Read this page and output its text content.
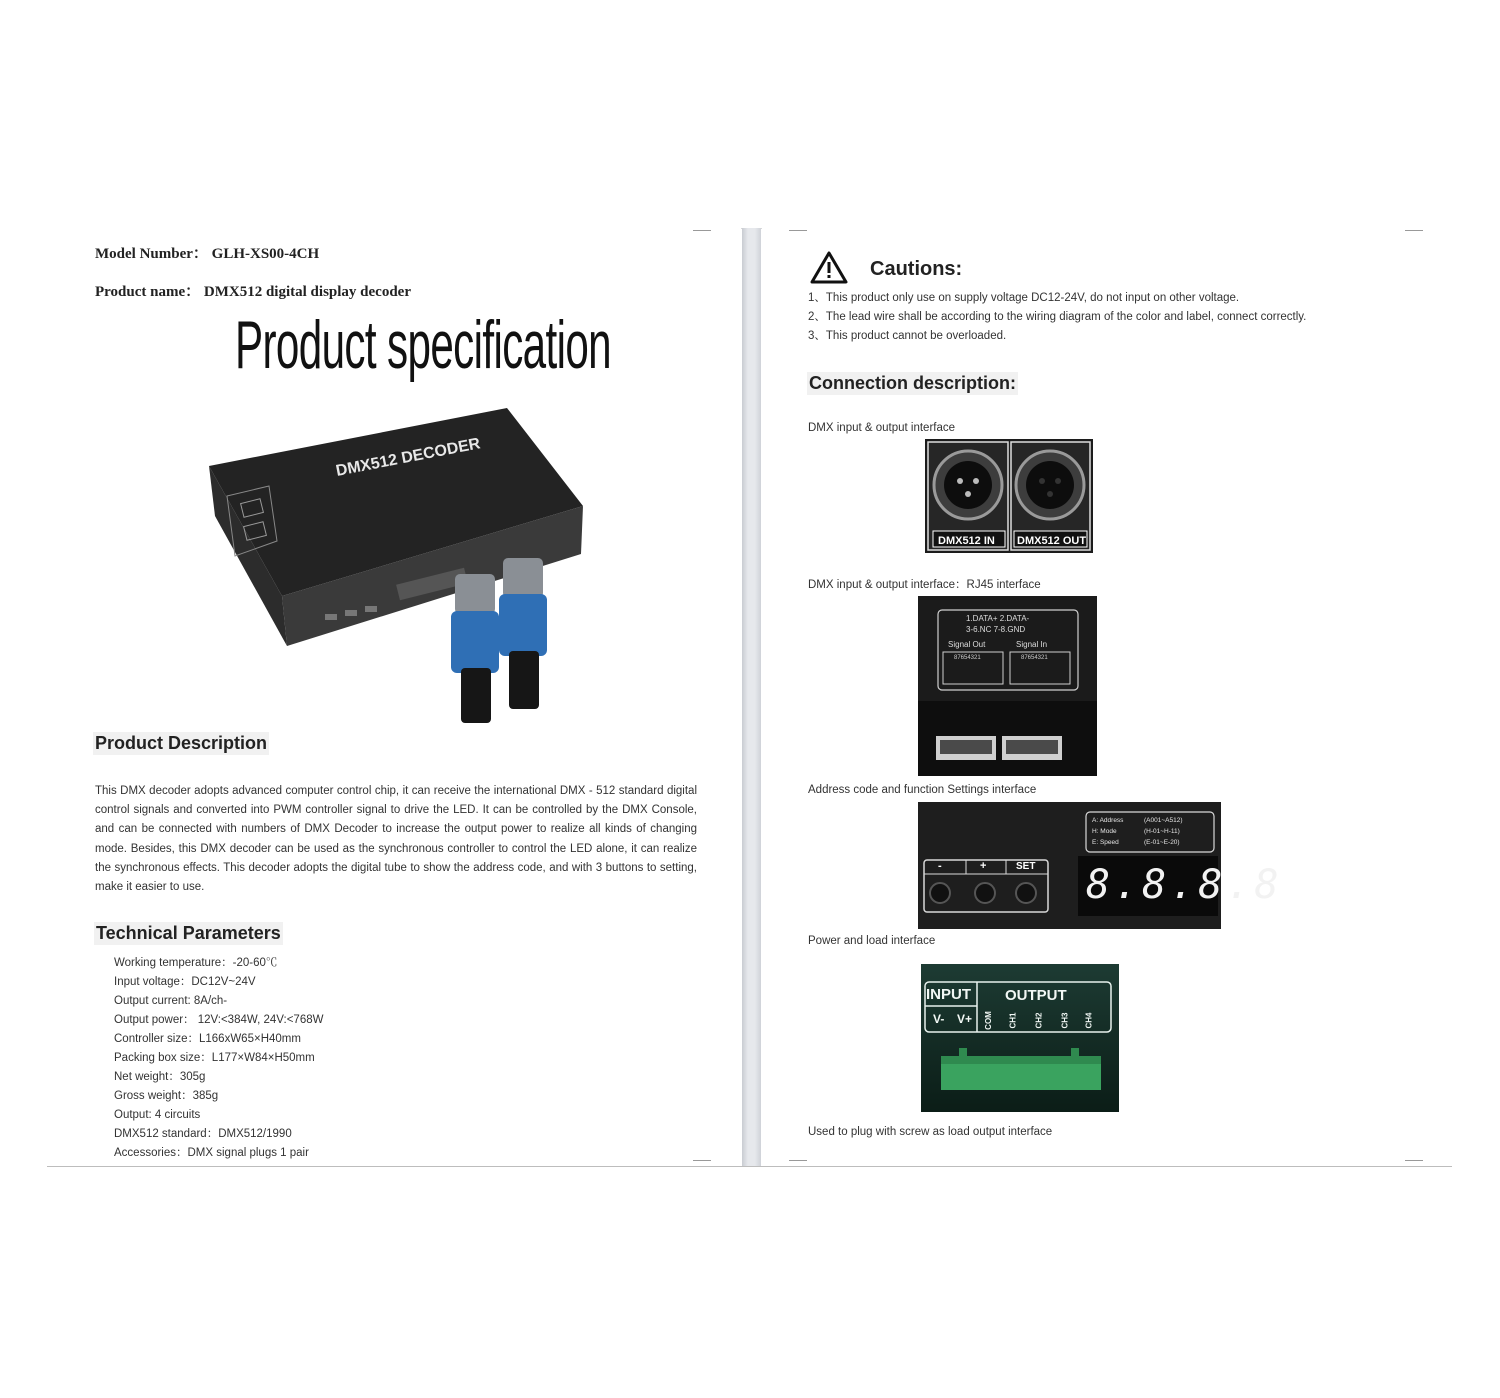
Model Number： GLH-XS00-4CH
Product name： DMX512 digital display decoder
Product specification
DMX512 DECODER
Product Description
This DMX decoder adopts advanced computer control chip, it can receive the international DMX - 512 standard digital control signals and converted into PWM controller signal to drive the LED. It can be controlled by the DMX Console, and can be connected with numbers of DMX Decoder to increase the output power to realize all kinds of changing mode. Besides, this DMX decoder can be used as the synchronous controller to control the LED alone, it can realize the synchronous effects. This decoder adopts the digital tube to show the address code, and with 3 buttons to setting, make it easier to use.
Technical Parameters
Working temperature：-20-60℃
Input voltage：DC12V~24V
Output current: 8A/ch-
Output power： 12V:<384W, 24V:<768W
Controller size：L166xW65×H40mm
Packing box size：L177×W84×H50mm
Net weight：305g
Gross weight：385g
Output: 4 circuits
DMX512 standard：DMX512/1990
Accessories：DMX signal plugs 1 pair
Cautions:
1、This product only use on supply voltage DC12-24V, do not input on other voltage.
2、The lead wire shall be according to the wiring diagram of the color and label, connect correctly.
3、This product cannot be overloaded.
Connection description:
DMX input & output interface
DMX512 IN DMX512 OUT
DMX input & output interface：RJ45 interface
1.DATA+ 2.DATA-
3-6.NC 7-8.GND
Signal Out	Signal In
87654321	87654321
Address code and function Settings interface
-	+	SET
A: Address	(A001~A512)
H: Mode	(H-01~H-11)
E: Speed	(E-01~E-20)
8.8.8.8
Power and load interface
INPUT OUTPUT
V- V+ COM CH1 CH2 CH3 CH4
Used to plug with screw as load output interface
